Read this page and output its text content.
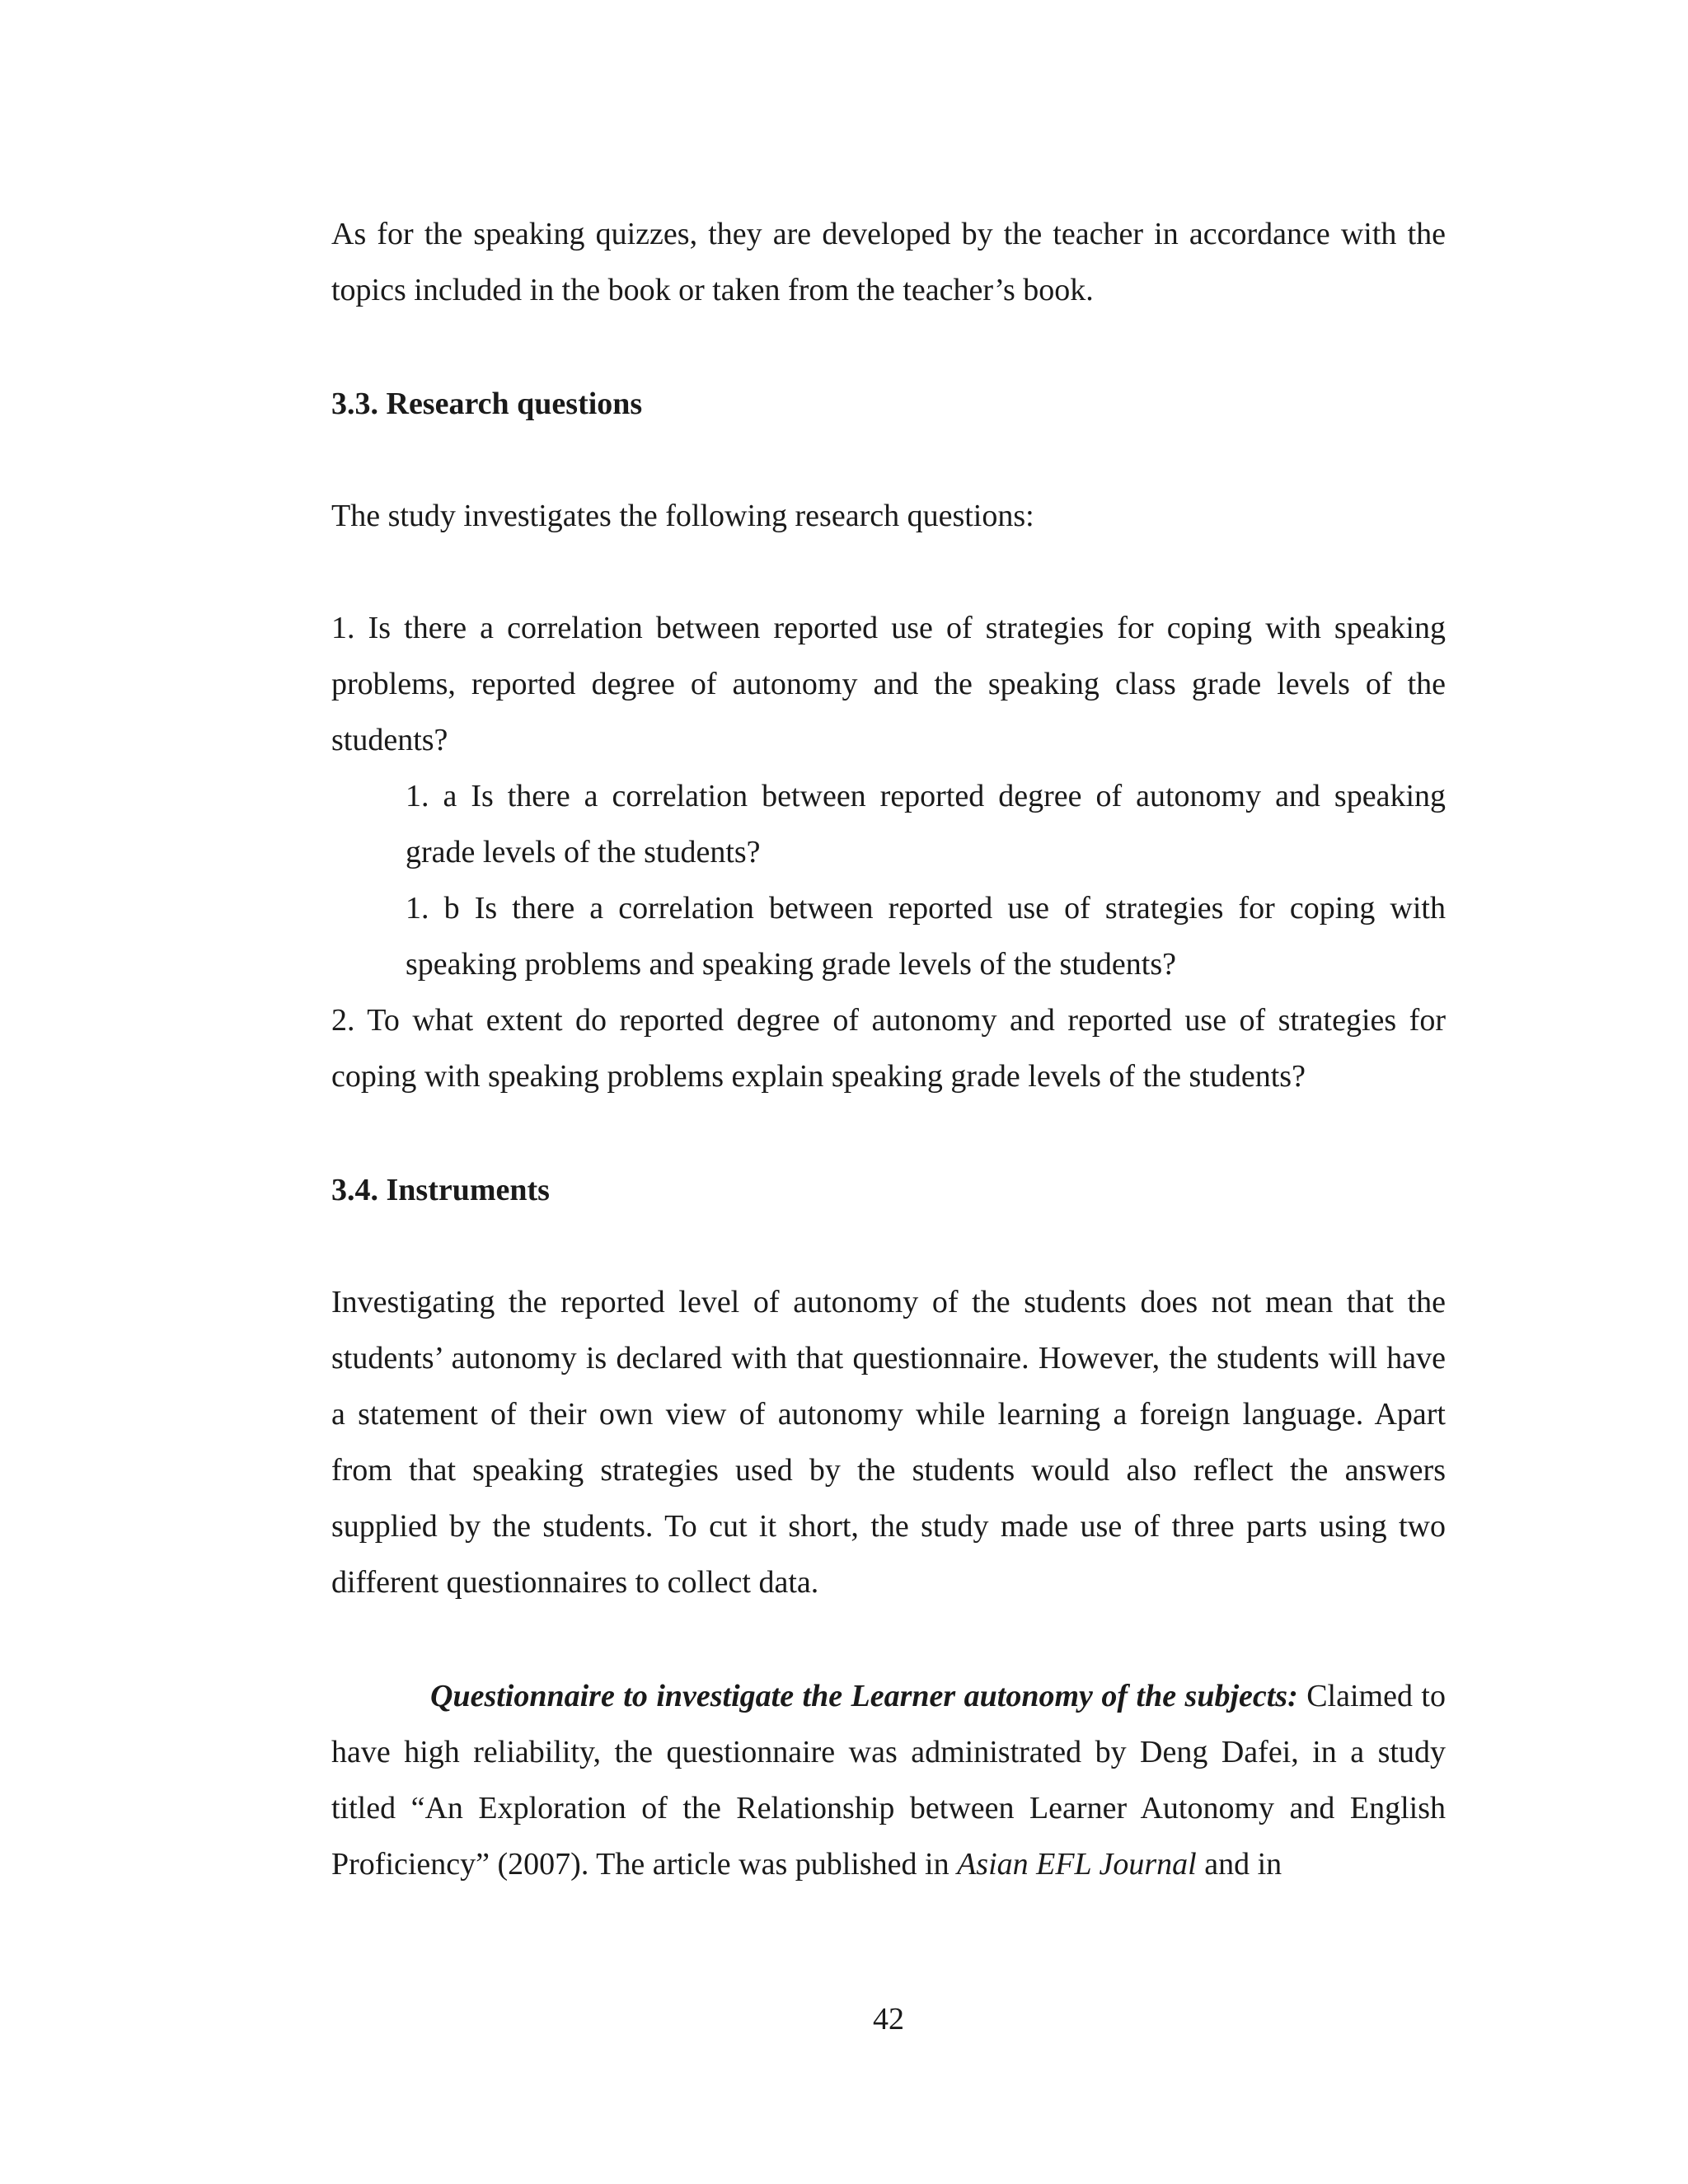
As for the speaking quizzes, they are developed by the teacher in accordance with the topics included in the book or taken from the teacher’s book.

3.3. Research questions

The study investigates the following research questions:

1. Is there a correlation between reported use of strategies for coping with speaking problems, reported degree of autonomy and the speaking class grade levels of the students?

1. a Is there a correlation between reported degree of autonomy and speaking grade levels of the students?

1. b Is there a correlation between reported use of strategies for coping with speaking problems and speaking grade levels of the students?

2. To what extent do reported degree of autonomy and reported use of strategies for coping with speaking problems explain speaking grade levels of the students?

3.4. Instruments

Investigating the reported level of autonomy of the students does not mean that the students’ autonomy is declared with that questionnaire. However, the students will have a statement of their own view of autonomy while learning a foreign language. Apart from that speaking strategies used by the students would also reflect the answers supplied by the students. To cut it short, the study made use of three parts using two different questionnaires to collect data.

Questionnaire to investigate the Learner autonomy of the subjects: Claimed to have high reliability, the questionnaire was administrated by Deng Dafei, in a study titled “An Exploration of the Relationship between Learner Autonomy and English Proficiency” (2007). The article was published in Asian EFL Journal and in

42
